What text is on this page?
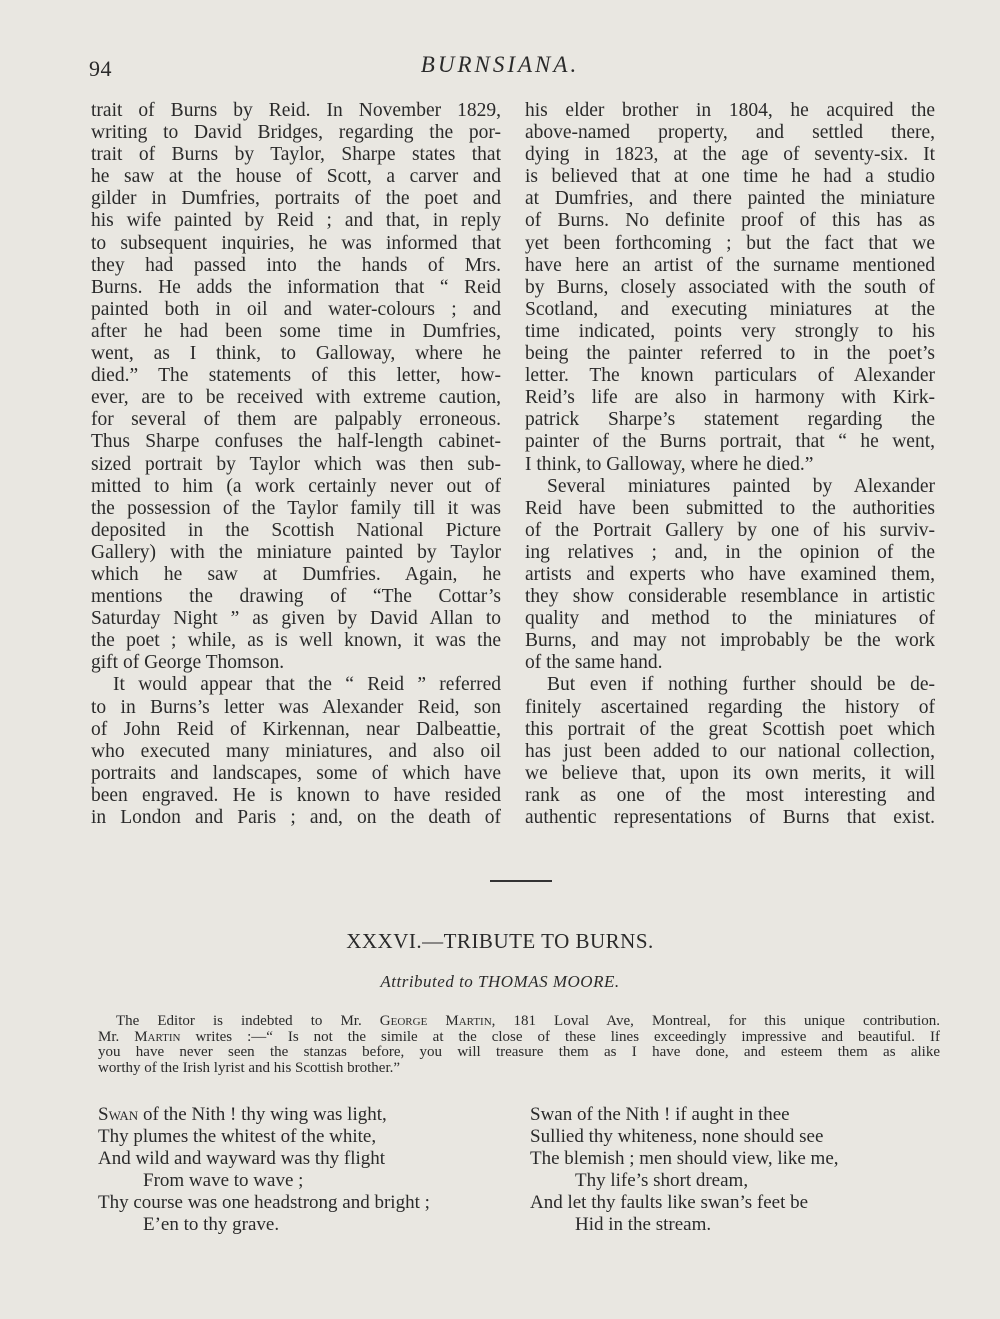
94	BURNSIANA.
trait of Burns by Reid. In November 1829,
writing to David Bridges, regarding the por-
trait of Burns by Taylor, Sharpe states that
he saw at the house of Scott, a carver and
gilder in Dumfries, portraits of the poet and
his wife painted by Reid ; and that, in reply
to subsequent inquiries, he was informed that
they had passed into the hands of Mrs.
Burns. He adds the information that “ Reid
painted both in oil and water-colours ; and
after he had been some time in Dumfries,
went, as I think, to Galloway, where he
died.” The statements of this letter, how-
ever, are to be received with extreme caution,
for several of them are palpably erroneous.
Thus Sharpe confuses the half-length cabinet-
sized portrait by Taylor which was then sub-
mitted to him (a work certainly never out of
the possession of the Taylor family till it was
deposited in the Scottish National Picture
Gallery) with the miniature painted by Taylor
which he saw at Dumfries. Again, he
mentions the drawing of “The Cottar’s
Saturday Night ” as given by David Allan to
the poet ; while, as is well known, it was the
gift of George Thomson.
It would appear that the “ Reid ” referred
to in Burns’s letter was Alexander Reid, son
of John Reid of Kirkennan, near Dalbeattie,
who executed many miniatures, and also oil
portraits and landscapes, some of which have
been engraved. He is known to have resided
in London and Paris ; and, on the death of
his elder brother in 1804, he acquired the
above-named property, and settled there,
dying in 1823, at the age of seventy-six. It
is believed that at one time he had a studio
at Dumfries, and there painted the miniature
of Burns. No definite proof of this has as
yet been forthcoming ; but the fact that we
have here an artist of the surname mentioned
by Burns, closely associated with the south of
Scotland, and executing miniatures at the
time indicated, points very strongly to his
being the painter referred to in the poet’s
letter. The known particulars of Alexander
Reid’s life are also in harmony with Kirk-
patrick Sharpe’s statement regarding the
painter of the Burns portrait, that “ he went,
I think, to Galloway, where he died.”
Several miniatures painted by Alexander
Reid have been submitted to the authorities
of the Portrait Gallery by one of his surviv-
ing relatives ; and, in the opinion of the
artists and experts who have examined them,
they show considerable resemblance in artistic
quality and method to the miniatures of
Burns, and may not improbably be the work
of the same hand.
But even if nothing further should be de-
finitely ascertained regarding the history of
this portrait of the great Scottish poet which
has just been added to our national collection,
we believe that, upon its own merits, it will
rank as one of the most interesting and
authentic representations of Burns that exist.
XXXVI.—TRIBUTE TO BURNS.
Attributed to THOMAS MOORE.
The Editor is indebted to Mr. George Martin, 181 Loval Ave, Montreal, for this unique contribution.
Mr. Martin writes :—“ Is not the simile at the close of these lines exceedingly impressive and beautiful. If
you have never seen the stanzas before, you will treasure them as I have done, and esteem them as alike
worthy of the Irish lyrist and his Scottish brother.”
Swan of the Nith ! thy wing was light,
Thy plumes the whitest of the white,
And wild and wayward was thy flight
From wave to wave ;
Thy course was one headstrong and bright ;
E’en to thy grave.
Swan of the Nith ! if aught in thee
Sullied thy whiteness, none should see
The blemish ; men should view, like me,
Thy life’s short dream,
And let thy faults like swan’s feet be
Hid in the stream.
